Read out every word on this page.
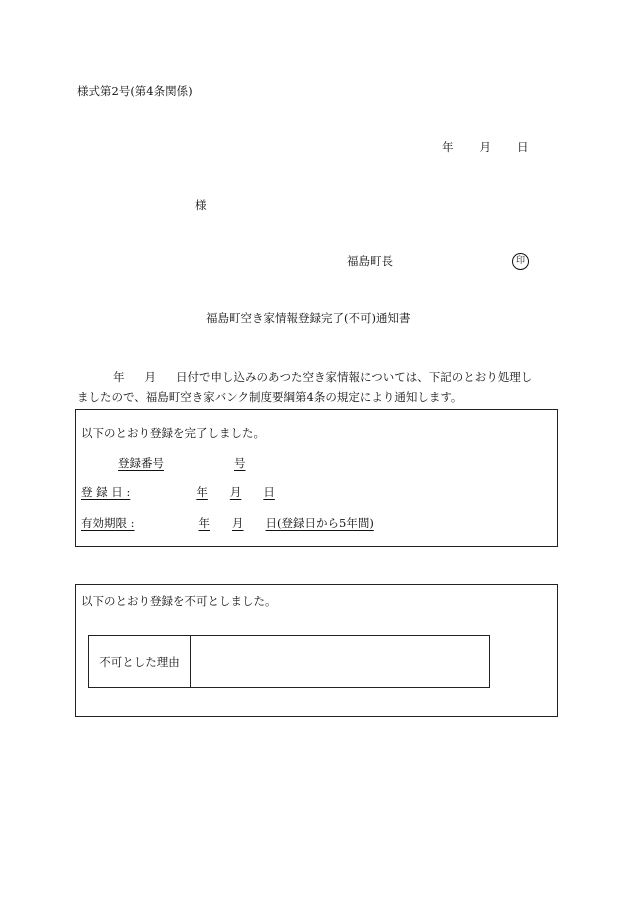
様式第2号(第4条関係)
年 月 日
様
福島町長	印
福島町空き家情報登録完了(不可)通知書
年 月 日付で申し込みのあつた空き家情報については、下記のとおり処理し
ましたので、福島町空き家バンク制度要綱第4条の規定により通知します。
以下のとおり登録を完了しました。
登録番号	号
登 録 日 :	年 月 日
有効期限 :	年 月 日(登録日から5年間)
以下のとおり登録を不可としました。
不可とした理由
